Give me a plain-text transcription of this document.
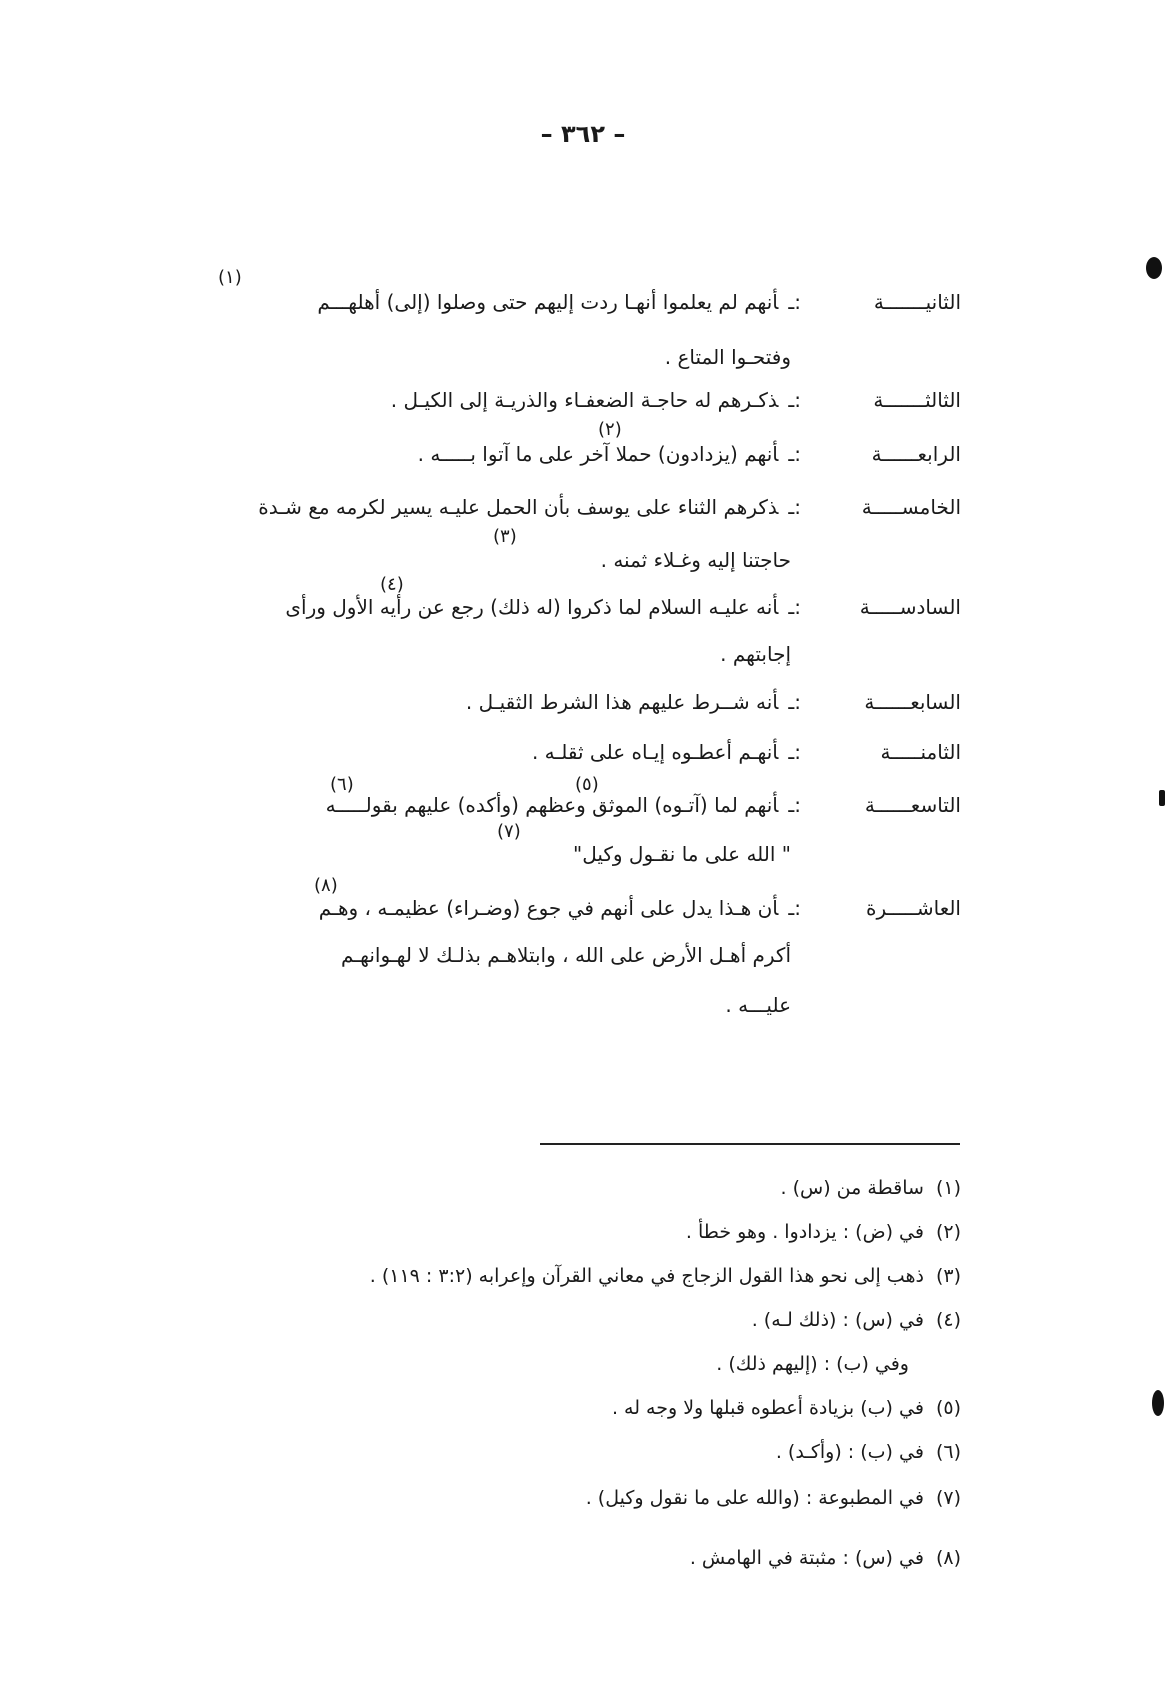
– ٣٦٢ –
الثانيـــــــة:ـأنهم لم يعلموا أنهـا ردت إليهم حتى وصلوا (إلى) أهلهـــم
وفتحـوا المتاع .
الثالثـــــــة:ـذكـرهم له حاجـة الضعفـاء والذريـة إلى الكيـل .
الرابعــــــة:ـأنهم (يزدادون) حملا آخر على ما آتوا بـــــه .
الخامســـــة:ـذكرهم الثناء على يوسف بأن الحمل عليـه يسير لكرمه مع شـدة
حاجتنا إليه وغـلاء ثمنه .
السادســـــة:ـأنه عليـه السلام لما ذكروا (له ذلك) رجع عن رأيه الأول ورأى
إجابتهم .
السابعــــــة:ـأنه شــرط عليهم هذا الشرط الثقيـل .
الثامنـــــة:ـأنهـم أعطـوه إيـاه على ثقلـه .
التاسعــــــة:ـأنهم لما (آتـوه) الموثق وعظهم (وأكده) عليهم بقولـــــه
" الله على ما نقـول وكيل"
العاشـــــرة:ـأن هـذا يدل على أنهم في جوع (وضـراء) عظيمـه ، وهـم
أكرم أهـل الأرض على الله ، وابتلاهـم بذلـك لا لهـوانهـم
عليـــه .
(١)
(٢)
(٣)
(٤)
(٥)
(٦)
(٧)
(٨)
(١)ساقطة من (س) .
(٢)في (ض) : يزدادوا . وهو خطأ .
(٣)ذهب إلى نحو هذا القول الزجاج في معاني القرآن وإعرابه (٣:٢ : ١١٩) .
(٤)في (س) : (ذلك لـه) .
وفي (ب) : (إليهم ذلك) .
(٥)في (ب) بزيادة أعطوه قبلها ولا وجه له .
(٦)في (ب) : (وأكـد) .
(٧)في المطبوعة : (والله على ما نقول وكيل) .
(٨)في (س) : مثبتة في الهامش .
